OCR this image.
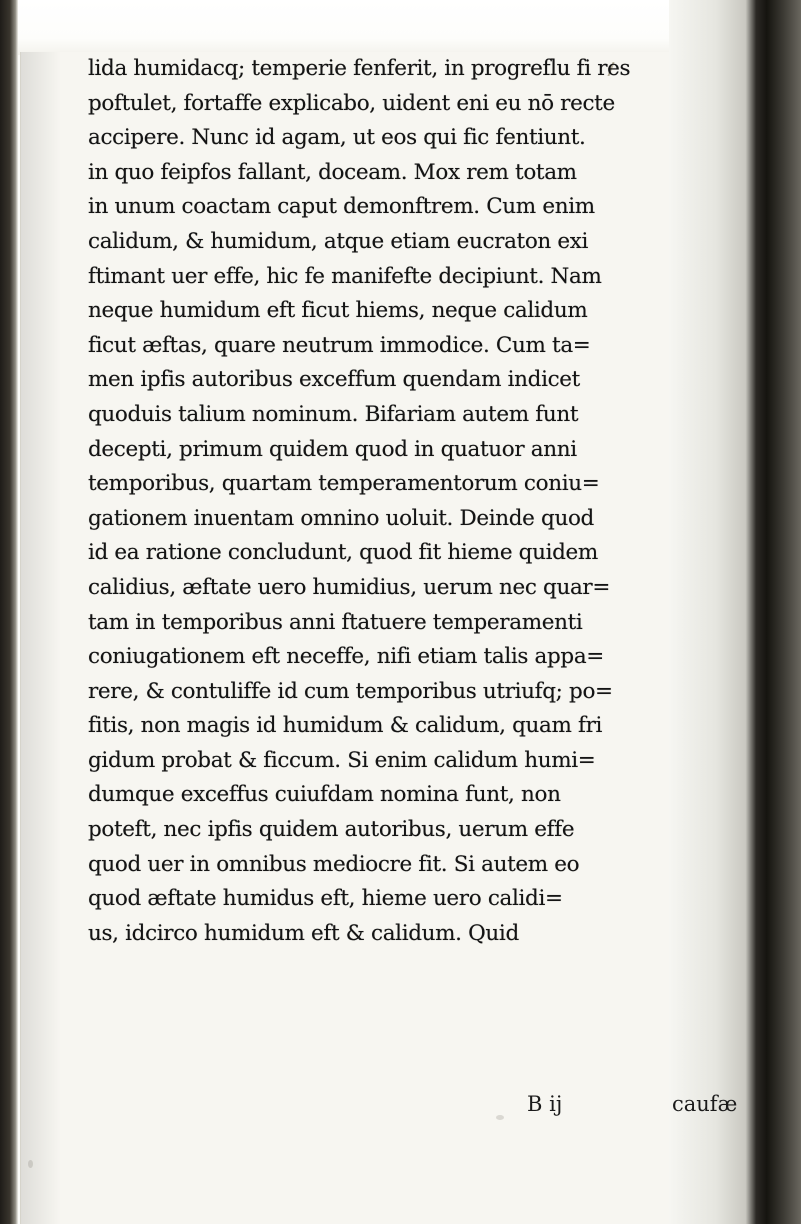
lida humidacq; temperie fenferit, in progreflu fi res
poftulet, fortaffe explicabo, uident eni eu nō recte
accipere. Nunc id agam, ut eos qui fic fentiunt.
in quo feipfos fallant, doceam. Mox rem totam
in unum coactam caput demonftrem. Cum enim
calidum, & humidum, atque etiam eucraton exi
ftimant uer effe, hic fe manifefte decipiunt. Nam
neque humidum eft ficut hiems, neque calidum
ficut æftas, quare neutrum immodice. Cum ta=
men ipfis autoribus exceffum quendam indicet
quoduis talium nominum. Bifariam autem funt
decepti, primum quidem quod in quatuor anni
temporibus, quartam temperamentorum coniu=
gationem inuentam omnino uoluit. Deinde quod
id ea ratione concludunt, quod fit hieme quidem
calidius, æftate uero humidius, uerum nec quar=
tam in temporibus anni ftatuere temperamenti
coniugationem eft neceffe, nifi etiam talis appa=
rere, & contuliffe id cum temporibus utriufq; po=
fitis, non magis id humidum & calidum, quam fri
gidum probat & ficcum. Si enim calidum humi=
dumque exceffus cuiufdam nomina funt, non
poteft, nec ipfis quidem autoribus, uerum effe
quod uer in omnibus mediocre fit. Si autem eo
quod æftate humidus eft, hieme uero calidi=
us, idcirco humidum eft & calidum. Quid
B ij	caufæ
